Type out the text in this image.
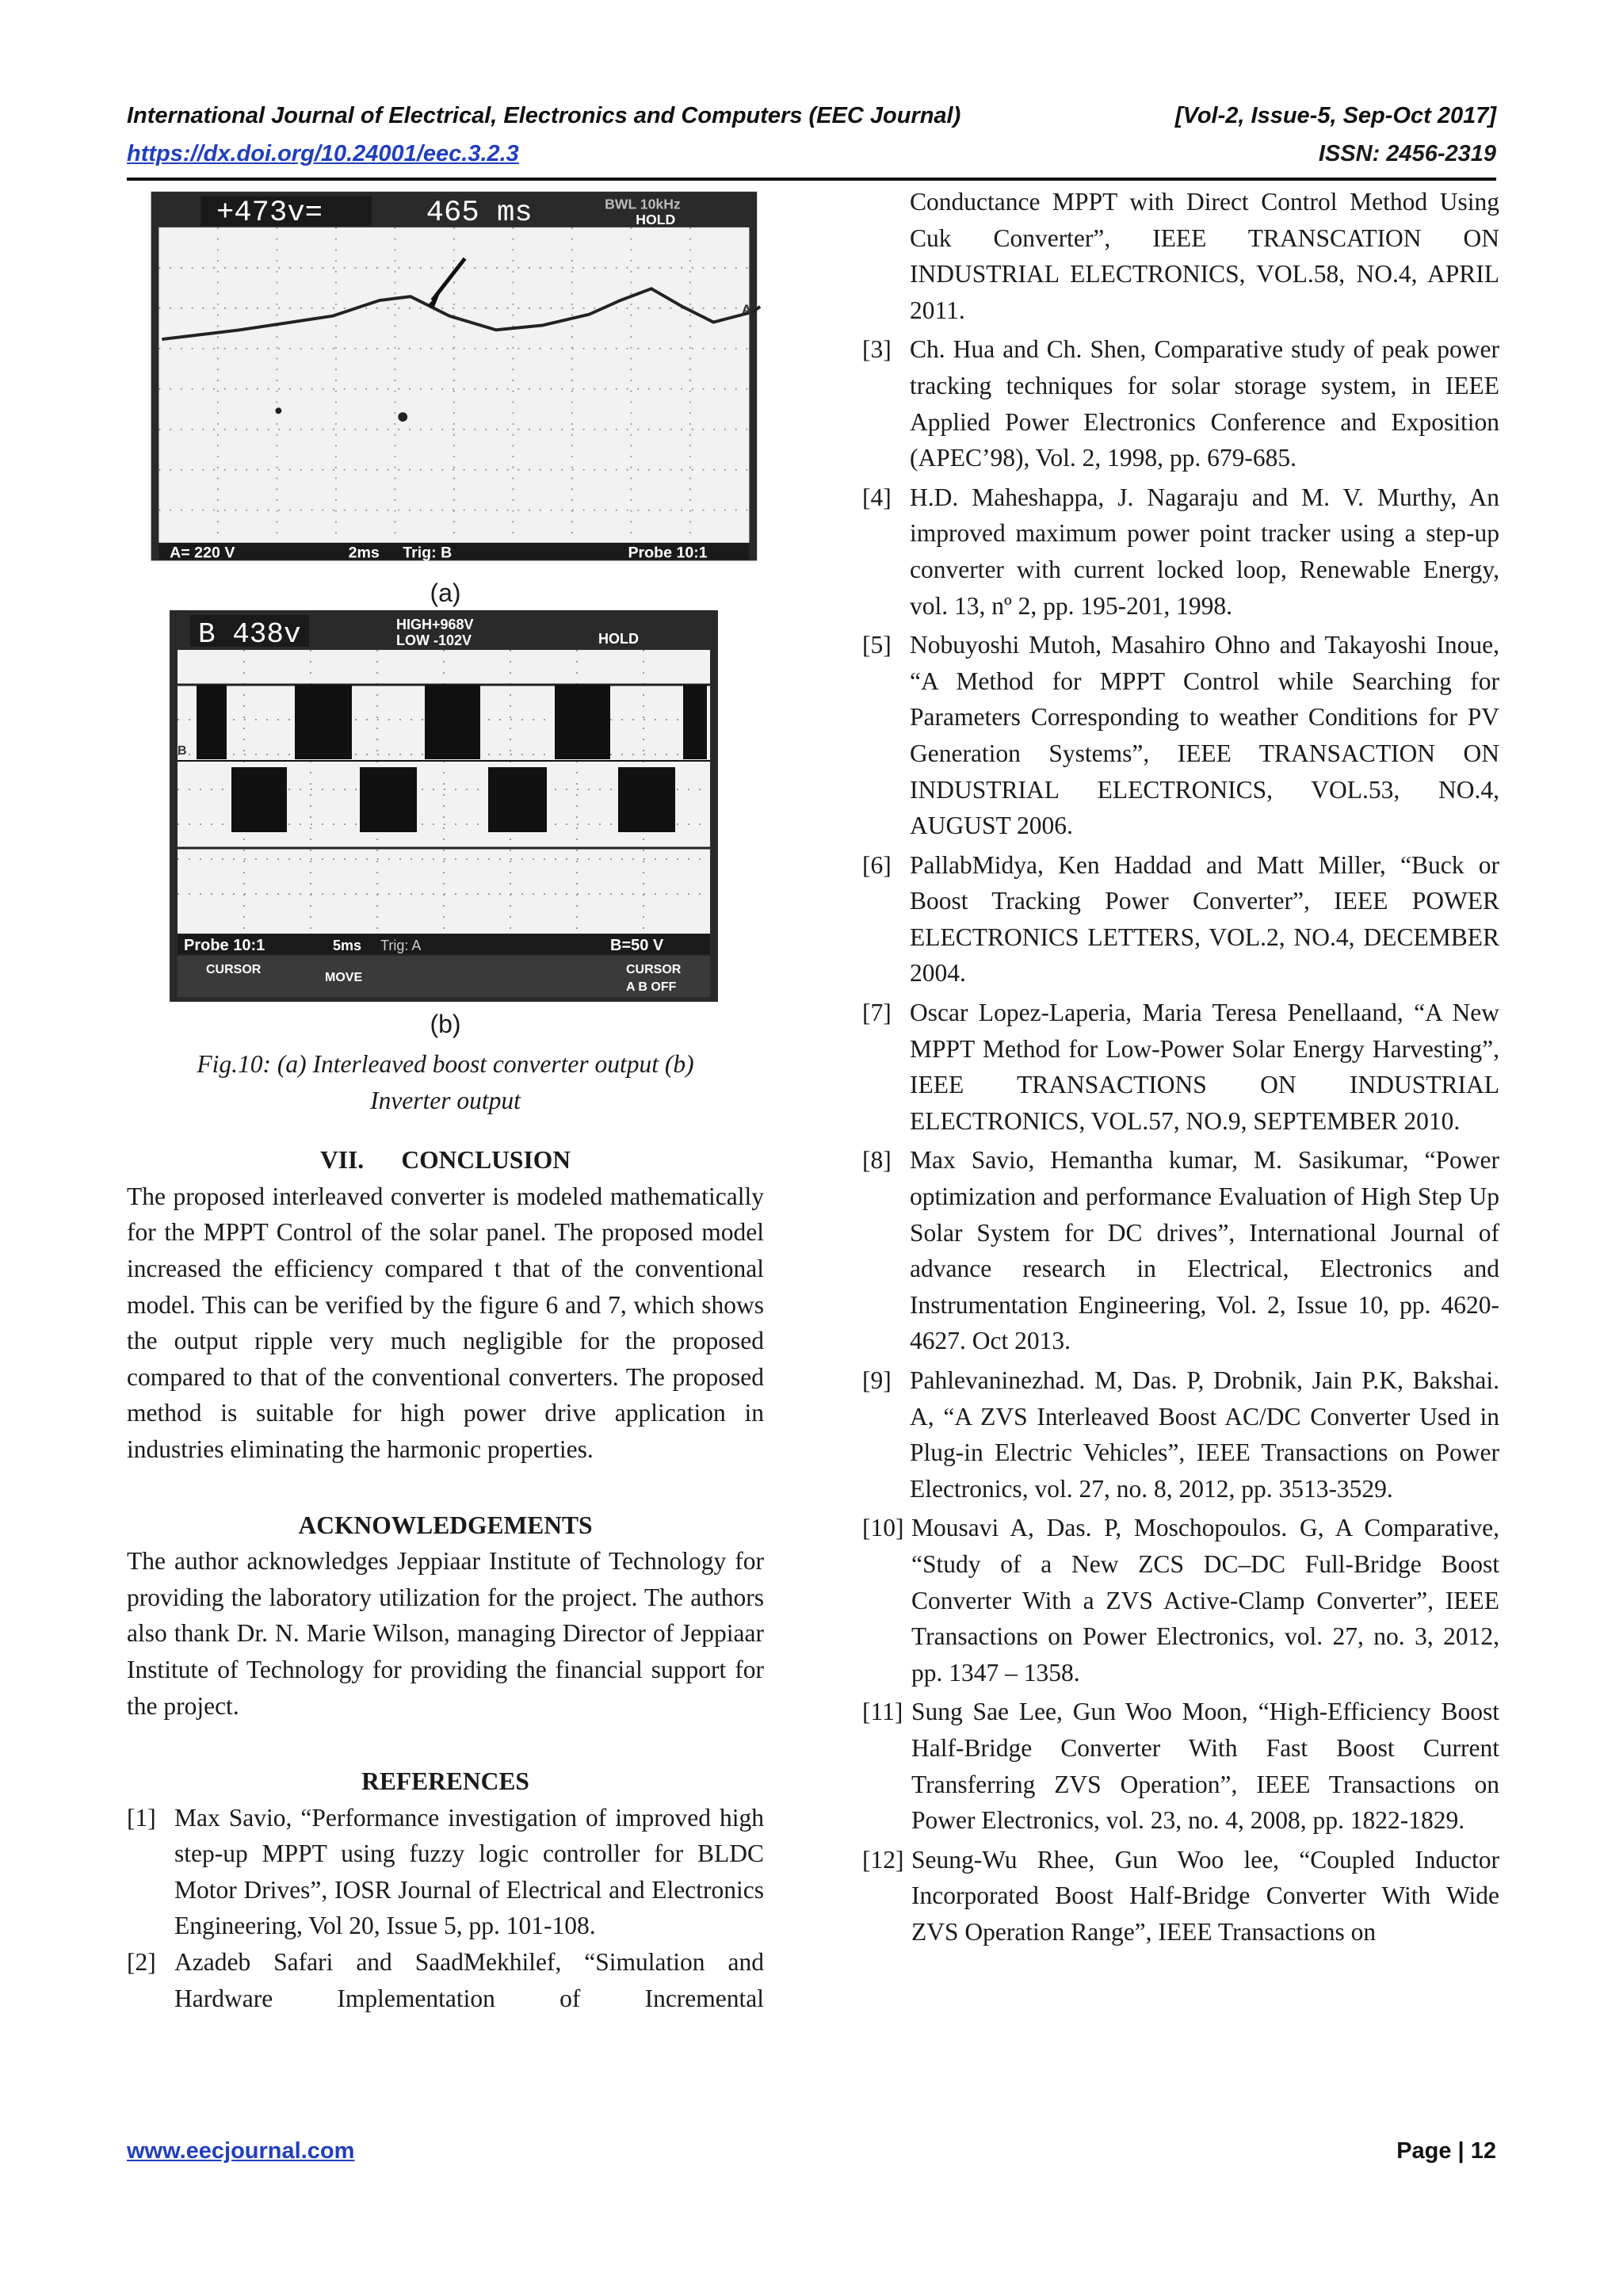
International Journal of Electrical, Electronics and Computers (EEC Journal)	[Vol-2, Issue-5, Sep-Oct 2017]
https://dx.doi.org/10.24001/eec.3.2.3	ISSN: 2456-2319
+473v=	465 ms	BWL 10kHz
HOLD
A
A= 220 V	2ms Trig: B	Probe 10:1
(a)
B 438v	HIGH+968V
LOW -102V	HOLD
B
Probe 10:1	5ms Trig: A	B=50 V
CURSOR
MOVE
CURSOR
A B OFF
(b)
Fig.10: (a) Interleaved boost converter output (b)
Inverter output
VII.      CONCLUSION
The proposed interleaved converter is modeled mathematically for the MPPT Control of the solar panel. The proposed model increased the efficiency compared t that of the conventional model. This can be verified by the figure 6 and 7, which shows the output ripple very much negligible for the proposed compared to that of the conventional converters. The proposed method is suitable for high power drive application in industries eliminating the harmonic properties.
ACKNOWLEDGEMENTS
The author acknowledges Jeppiaar Institute of Technology for providing the laboratory utilization for the project. The authors also thank Dr. N. Marie Wilson, managing Director of Jeppiaar Institute of Technology for providing the financial support for the project.
REFERENCES
[1] Max Savio, “Performance investigation of improved high step-up MPPT using fuzzy logic controller for BLDC Motor Drives”, IOSR Journal of Electrical and Electronics Engineering, Vol 20, Issue 5, pp. 101-108.
[2] Azadeb Safari and SaadMekhilef, “Simulation and Hardware Implementation of Incremental
Conductance MPPT with Direct Control Method Using Cuk Converter”, IEEE TRANSCATION ON INDUSTRIAL ELECTRONICS, VOL.58, NO.4, APRIL 2011.
[3] Ch. Hua and Ch. Shen, Comparative study of peak power tracking techniques for solar storage system, in IEEE Applied Power Electronics Conference and Exposition (APEC’98), Vol. 2, 1998, pp. 679-685.
[4] H.D. Maheshappa, J. Nagaraju and M. V. Murthy, An improved maximum power point tracker using a step-up converter with current locked loop, Renewable Energy, vol. 13, nº 2, pp. 195-201, 1998.
[5] Nobuyoshi Mutoh, Masahiro Ohno and Takayoshi Inoue, “A Method for MPPT Control while Searching for Parameters Corresponding to weather Conditions for PV Generation Systems”, IEEE TRANSACTION ON INDUSTRIAL ELECTRONICS, VOL.53, NO.4, AUGUST 2006.
[6] PallabMidya, Ken Haddad and Matt Miller, “Buck or Boost Tracking Power Converter”, IEEE POWER ELECTRONICS LETTERS, VOL.2, NO.4, DECEMBER 2004.
[7] Oscar Lopez-Laperia, Maria Teresa Penellaand, “A New MPPT Method for Low-Power Solar Energy Harvesting”, IEEE TRANSACTIONS ON INDUSTRIAL ELECTRONICS, VOL.57, NO.9, SEPTEMBER 2010.
[8] Max Savio, Hemantha kumar, M. Sasikumar, “Power optimization and performance Evaluation of High Step Up Solar System for DC drives”, International Journal of advance research in Electrical, Electronics and Instrumentation Engineering, Vol. 2, Issue 10, pp. 4620-4627. Oct 2013.
[9] Pahlevaninezhad. M, Das. P, Drobnik, Jain P.K, Bakshai. A, “A ZVS Interleaved Boost AC/DC Converter Used in Plug-in Electric Vehicles”, IEEE Transactions on Power Electronics, vol. 27, no. 8, 2012, pp. 3513-3529.
[10] Mousavi A, Das. P, Moschopoulos. G, A Comparative, “Study of a New ZCS DC–DC Full-Bridge Boost Converter With a ZVS Active-Clamp Converter”, IEEE Transactions on Power Electronics, vol. 27, no. 3, 2012, pp. 1347 – 1358.
[11] Sung Sae Lee, Gun Woo Moon, “High-Efficiency Boost Half-Bridge Converter With Fast Boost Current Transferring ZVS Operation”, IEEE Transactions on Power Electronics, vol. 23, no. 4, 2008, pp. 1822-1829.
[12] Seung-Wu Rhee, Gun Woo lee, “Coupled Inductor Incorporated Boost Half-Bridge Converter With Wide ZVS Operation Range”, IEEE Transactions on
www.eecjournal.com	Page | 12
